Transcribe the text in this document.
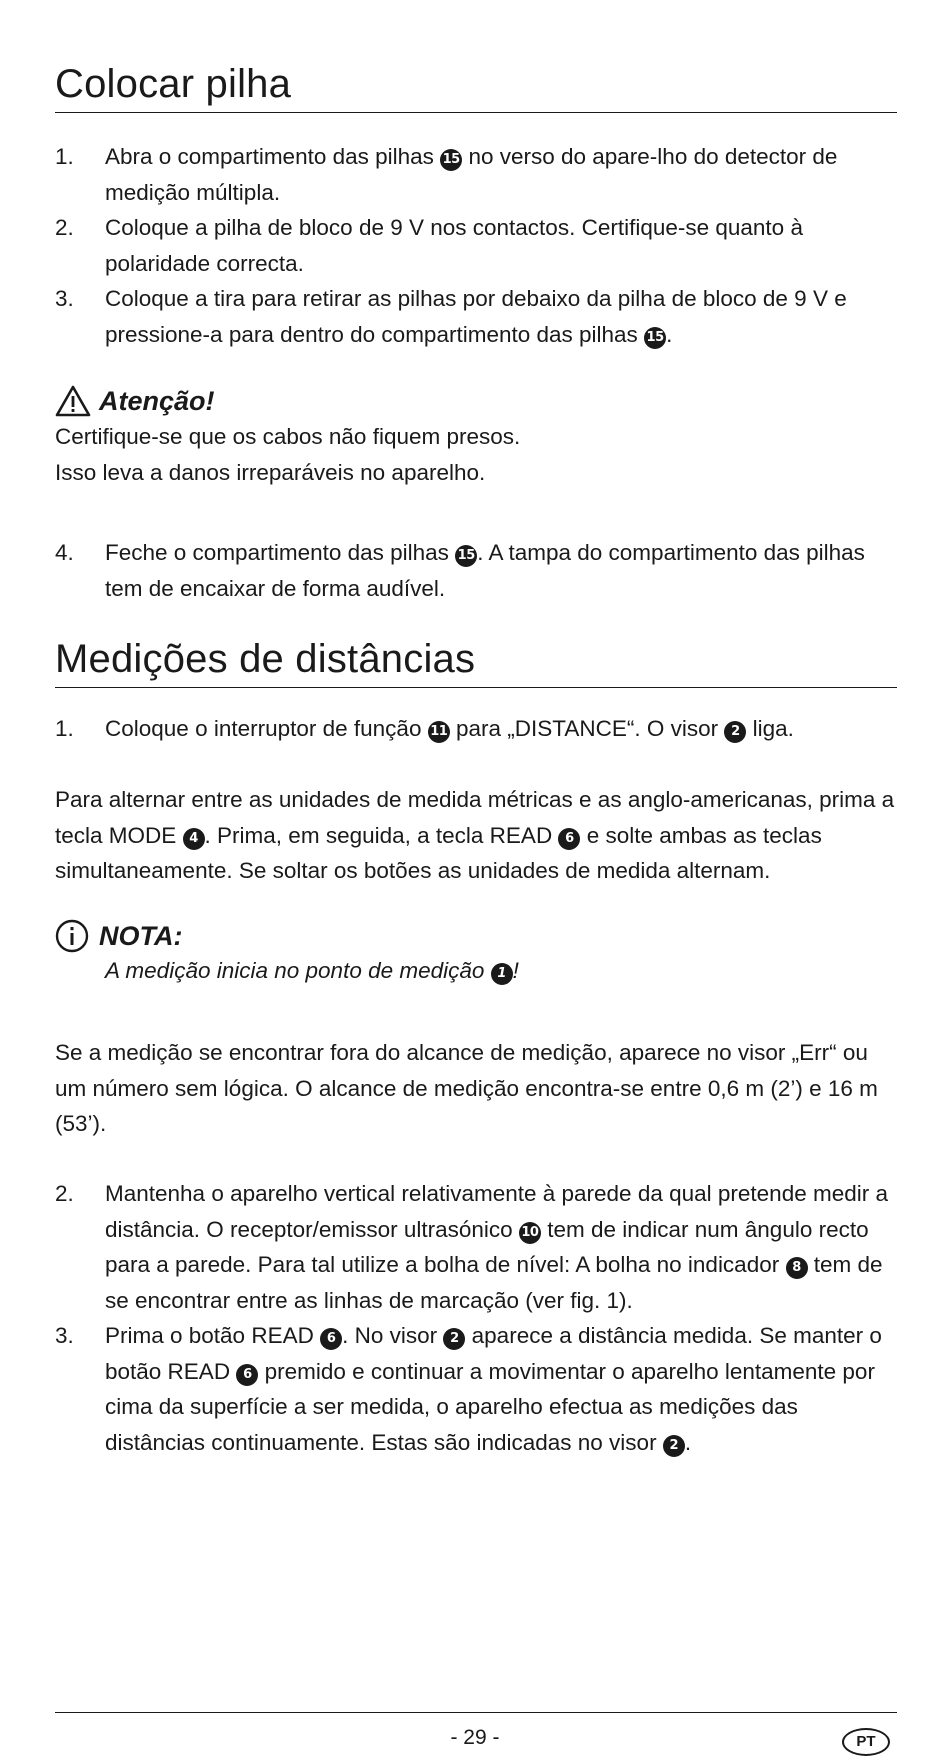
Colocar pilha
1. Abra o compartimento das pilhas 15 no verso do apare-lho do detector de medição múltipla.
2. Coloque a pilha de bloco de 9 V nos contactos. Certifique-se quanto à polaridade correcta.
3. Coloque a tira para retirar as pilhas por debaixo da pilha de bloco de 9 V e pressione-a para dentro do compartimento das pilhas 15 .
Atenção!

Certifique-se que os cabos não fiquem presos.

Isso leva a danos irreparáveis no aparelho.

4. Feche o compartimento das pilhas 15 . A tampa do compartimento das pilhas tem de encaixar de forma audível.
Medições de distâncias
1. Coloque o interruptor de função 11 para „DISTANCE“. O visor 2 liga.

Para alternar entre as unidades de medida métricas e as anglo-americanas, prima a tecla MODE 4 . Prima, em seguida, a tecla READ 6 e solte ambas as teclas simultaneamente. Se soltar os botões as unidades de medida alternam.

NOTA:

A medição inicia no ponto de medição 1 !

Se a medição se encontrar fora do alcance de medição, aparece no visor „Err“ ou um número sem lógica. O alcance de medição encontra-se entre 0,6 m (2’) e 16 m (53’).

2. Mantenha o aparelho vertical relativamente à parede da qual pretende medir a distância. O receptor/emissor ultrasónico 10 tem de indicar num ângulo recto para a parede. Para tal utilize a bolha de nível: A bolha no indicador 8 tem de se encontrar entre as linhas de marcação (ver fig. 1).
3. Prima o botão READ 6 . No visor 2 aparece a distância medida. Se manter o botão READ 6 premido e continuar a movimentar o aparelho lentamente por cima da superfície a ser medida, o aparelho efectua as medições das distâncias continuamente. Estas são indicadas no visor 2 .
- 29 -	PT
